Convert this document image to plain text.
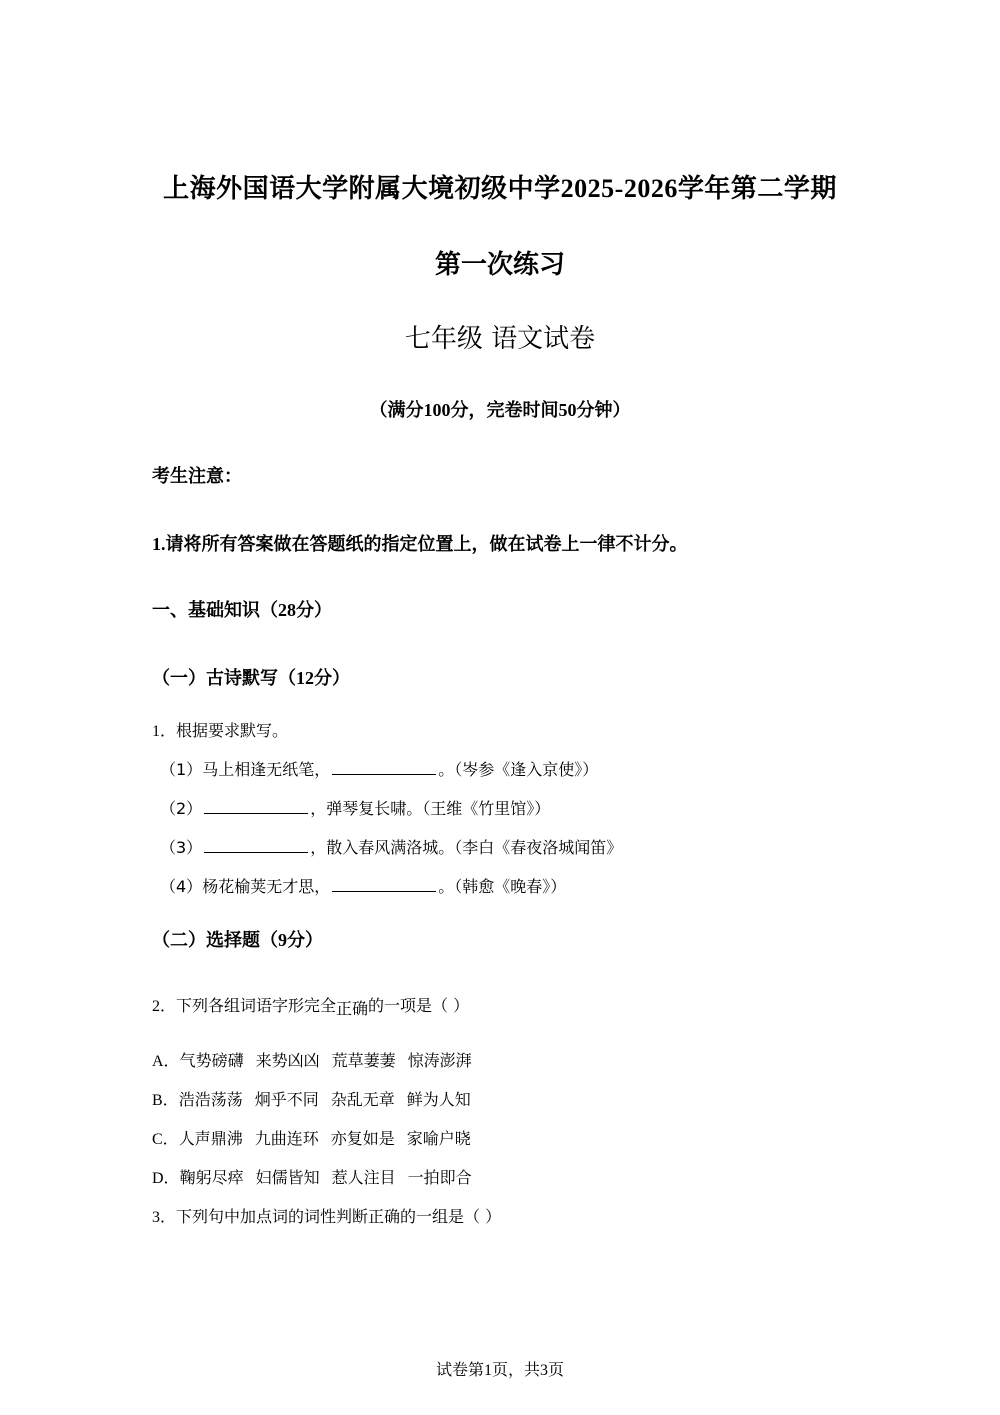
上海外国语大学附属大境初级中学2025-2026学年第二学期
第一次练习
七年级 语文试卷
（满分100分，完卷时间50分钟）
考生注意：
1.请将所有答案做在答题纸的指定位置上，做在试卷上一律不计分。
一、基础知识（28分）
（一）古诗默写（12分）
1．根据要求默写。
（1）马上相逢无纸笔，	。（岑参《逢入京使》）
（2）	，弹琴复长啸。（王维《竹里馆》）
（3）	，散入春风满洛城。（李白《春夜洛城闻笛》
（4）杨花榆荚无才思，	。（韩愈《晚春》）
（二）选择题（9分）
2．下列各组词语字形完全正确的一项是（ ）
A．气势磅礴 来势凶凶 荒草萋萋 惊涛澎湃
B．浩浩荡荡 炯乎不同 杂乱无章 鲜为人知
C．人声鼎沸 九曲连环 亦复如是 家喻户晓
D．鞠躬尽瘁 妇儒皆知 惹人注目 一拍即合
3．下列句中加点词的词性判断正确的一组是（ ）
试卷第1页，共3页
